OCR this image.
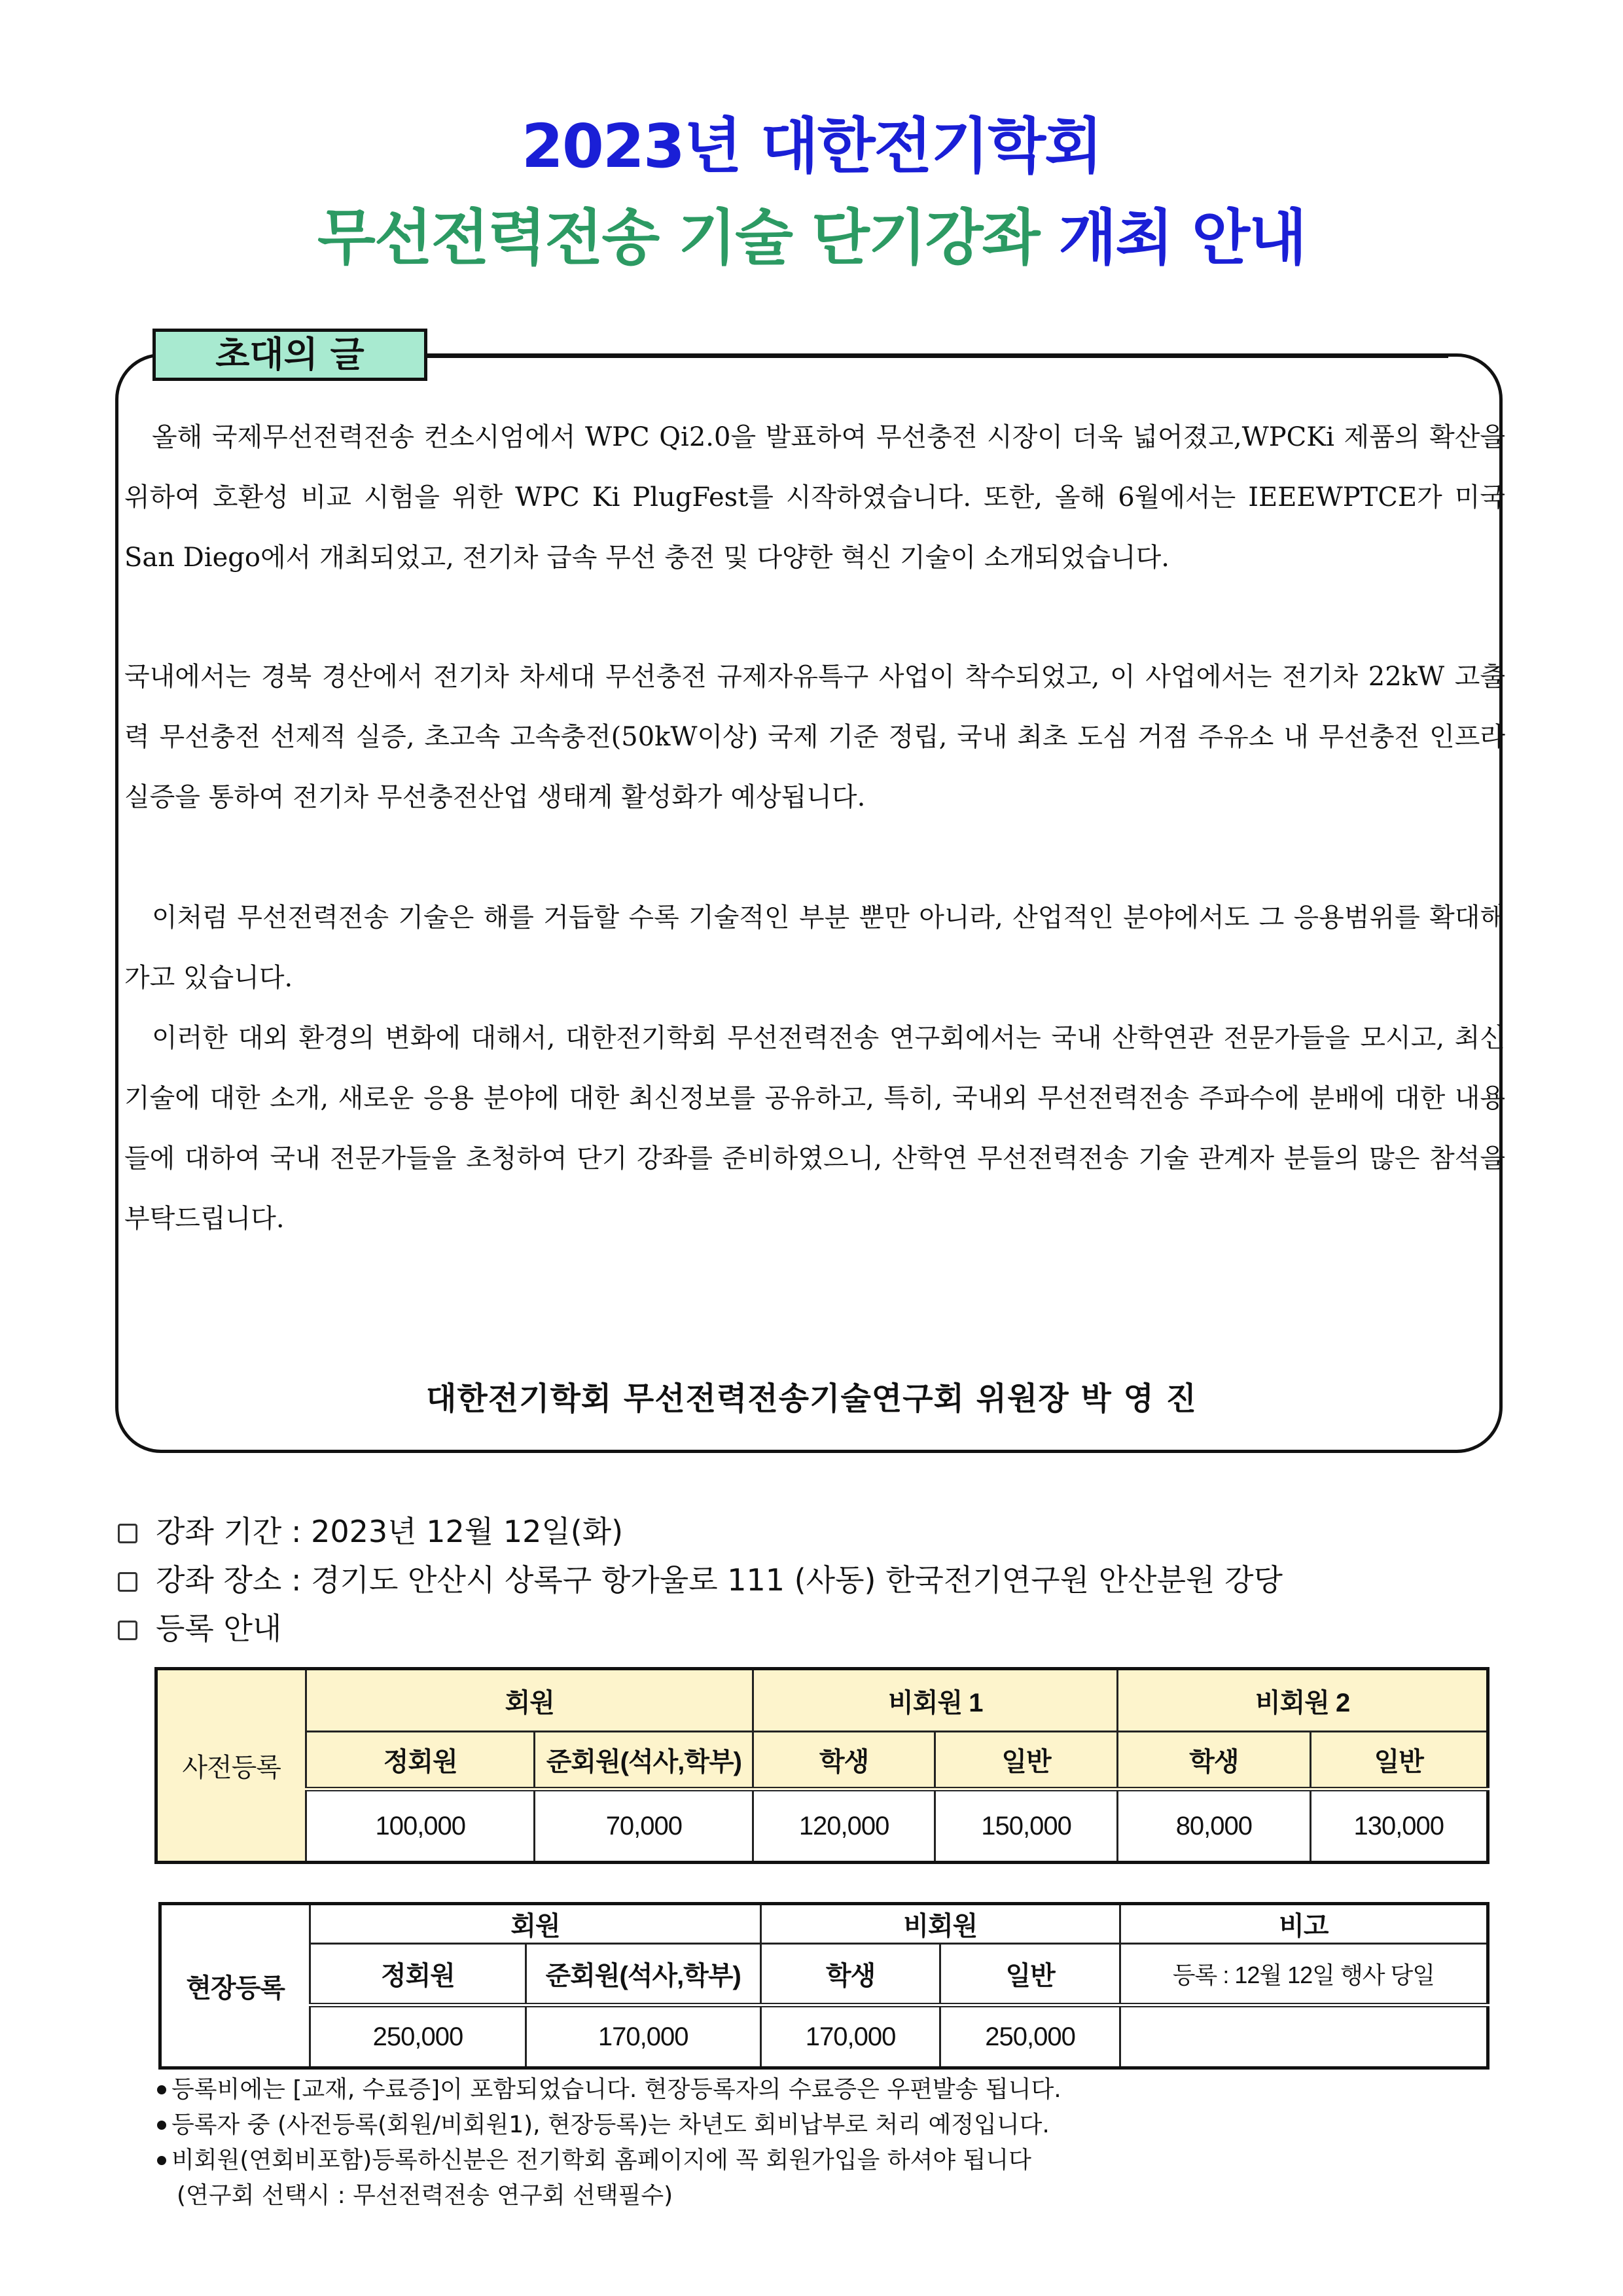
2023년 대한전기학회
무선전력전송 기술 단기강좌 개최 안내
초대의 글
올해 국제무선전력전송 컨소시엄에서 WPC Qi2.0을 발표하여 무선충전 시장이 더욱 넓어졌고,WPCKi 제품의 확산을 위하여 호환성 비교 시험을 위한 WPC Ki PlugFest를 시작하였습니다. 또한, 올해 6월에서는 IEEEWPTCE가 미국 San Diego에서 개최되었고, 전기차 급속 무선 충전 및 다양한 혁신 기술이 소개되었습니다.
국내에서는 경북 경산에서 전기차 차세대 무선충전 규제자유특구 사업이 착수되었고, 이 사업에서는 전기차 22kW 고출력 무선충전 선제적 실증, 초고속 고속충전(50kW이상) 국제 기준 정립, 국내 최초 도심 거점 주유소 내 무선충전 인프라 실증을 통하여 전기차 무선충전산업 생태계 활성화가 예상됩니다.
이처럼 무선전력전송 기술은 해를 거듭할 수록 기술적인 부분 뿐만 아니라, 산업적인 분야에서도 그 응용범위를 확대해 가고 있습니다.
이러한 대외 환경의 변화에 대해서, 대한전기학회 무선전력전송 연구회에서는 국내 산학연관 전문가들을 모시고, 최신 기술에 대한 소개, 새로운 응용 분야에 대한 최신정보를 공유하고, 특히, 국내외 무선전력전송 주파수에 분배에 대한 내용들에 대하여 국내 전문가들을 초청하여 단기 강좌를 준비하였으니, 산학연 무선전력전송 기술 관계자 분들의 많은 참석을 부탁드립니다.
대한전기학회 무선전력전송기술연구회 위원장 박 영 진
강좌 기간 : 2023년 12월 12일(화)
강좌 장소 : 경기도 안산시 상록구 항가울로 111 (사동) 한국전기연구원 안산분원 강당
등록 안내
사전등록	회원		비회원 1		비회원 2	
	정회원	준회원(석사,학부)	학생	일반	학생	일반
	100,000	70,000	120,000	150,000	80,000	130,000
현장등록	회원		비회원		비고
	정회원	준회원(석사,학부)	학생	일반	등록 : 12월 12일 행사 당일
	250,000	170,000	170,000	250,000	
등록비에는 [교재, 수료증]이 포함되었습니다. 현장등록자의 수료증은 우편발송 됩니다.
등록자 중 (사전등록(회원/비회원1), 현장등록)는 차년도 회비납부로 처리 예정입니다.
비회원(연회비포함)등록하신분은 전기학회 홈페이지에 꼭 회원가입을 하셔야 됩니다
(연구회 선택시 : 무선전력전송 연구회 선택필수)
